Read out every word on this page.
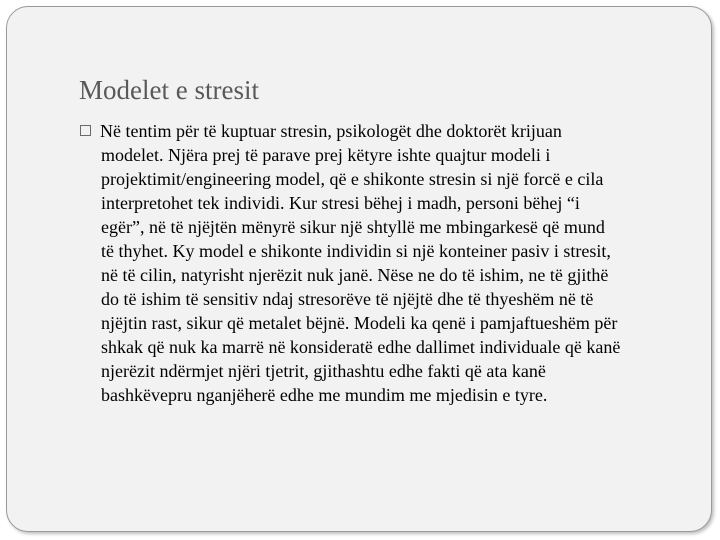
Modelet e stresit
Në tentim për të kuptuar stresin, psikologët dhe doktorët krijuan
modelet. Njëra prej të parave prej këtyre ishte quajtur modeli i
projektimit/engineering model, që e shikonte stresin si një forcë e cila
interpretohet tek individi. Kur stresi bëhej i madh, personi bëhej “i
egër”, në të njëjtën mënyrë sikur një shtyllë me mbingarkesë që mund
të thyhet. Ky model e shikonte individin si një konteiner pasiv i stresit,
në të cilin, natyrisht njerëzit nuk janë. Nëse ne do të ishim, ne të gjithë
do të ishim të sensitiv ndaj stresorëve të njëjtë dhe të thyeshëm në të
njëjtin rast, sikur që metalet bëjnë. Modeli ka qenë i pamjaftueshëm për
shkak që nuk ka marrë në konsideratë edhe dallimet individuale që kanë
njerëzit ndërmjet njëri tjetrit, gjithashtu edhe fakti që ata kanë
bashkëvepru nganjëherë edhe me mundim me mjedisin e tyre.
